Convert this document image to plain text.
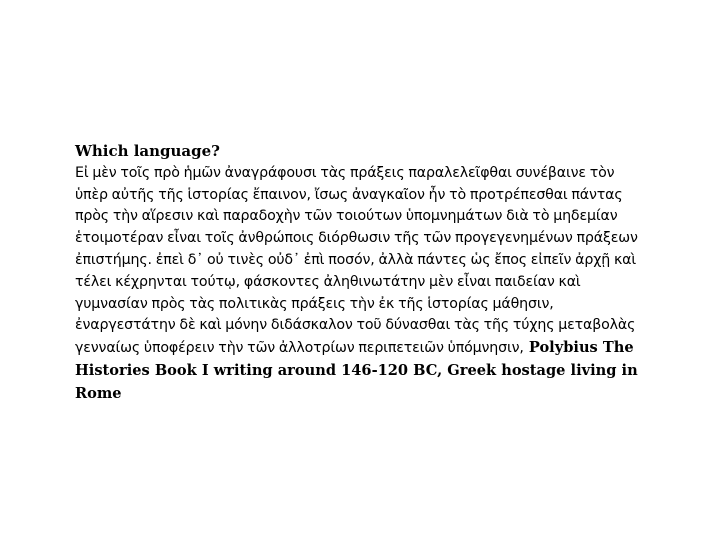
Which language?
Εἰ μὲν τοῖς πρὸ ἡμῶν ἀναγράφουσι τὰς πράξεις παραλελεῖφθαι συνέβαινε τὸν ὑπὲρ αὐτῆς τῆς ἱστορίας ἔπαινον, ἴσως ἀναγκαῖον ἦν τὸ προτρέπεσθαι πάντας πρὸς τὴν αἵρεσιν καὶ παραδοχὴν τῶν τοιούτων ὑπομνημάτων διὰ τὸ μηδεμίαν ἑτοιμοτέραν εἶναι τοῖς ἀνθρώποις διόρθωσιν τῆς τῶν προγεγενημένων πράξεων ἐπιστήμης. ἐπεὶ δ᾽ οὐ τινὲς οὐδ᾽ ἐπὶ ποσόν, ἀλλὰ πάντες ὡς ἔπος εἰπεῖν ἀρχῇ καὶ τέλει κέχρηνται τούτῳ, φάσκοντες ἀληθινωτάτην μὲν εἶναι παιδείαν καὶ γυμνασίαν πρὸς τὰς πολιτικὰς πράξεις τὴν ἐκ τῆς ἱστορίας μάθησιν, ἐναργεστάτην δὲ καὶ μόνην διδάσκαλον τοῦ δύνασθαι τὰς τῆς τύχης μεταβολὰς γενναίως ὑποφέρειν τὴν τῶν ἀλλοτρίων περιπετειῶν ὑπόμνησιν, Polybius The Histories Book I writing around 146-120 BC, Greek hostage living in Rome
